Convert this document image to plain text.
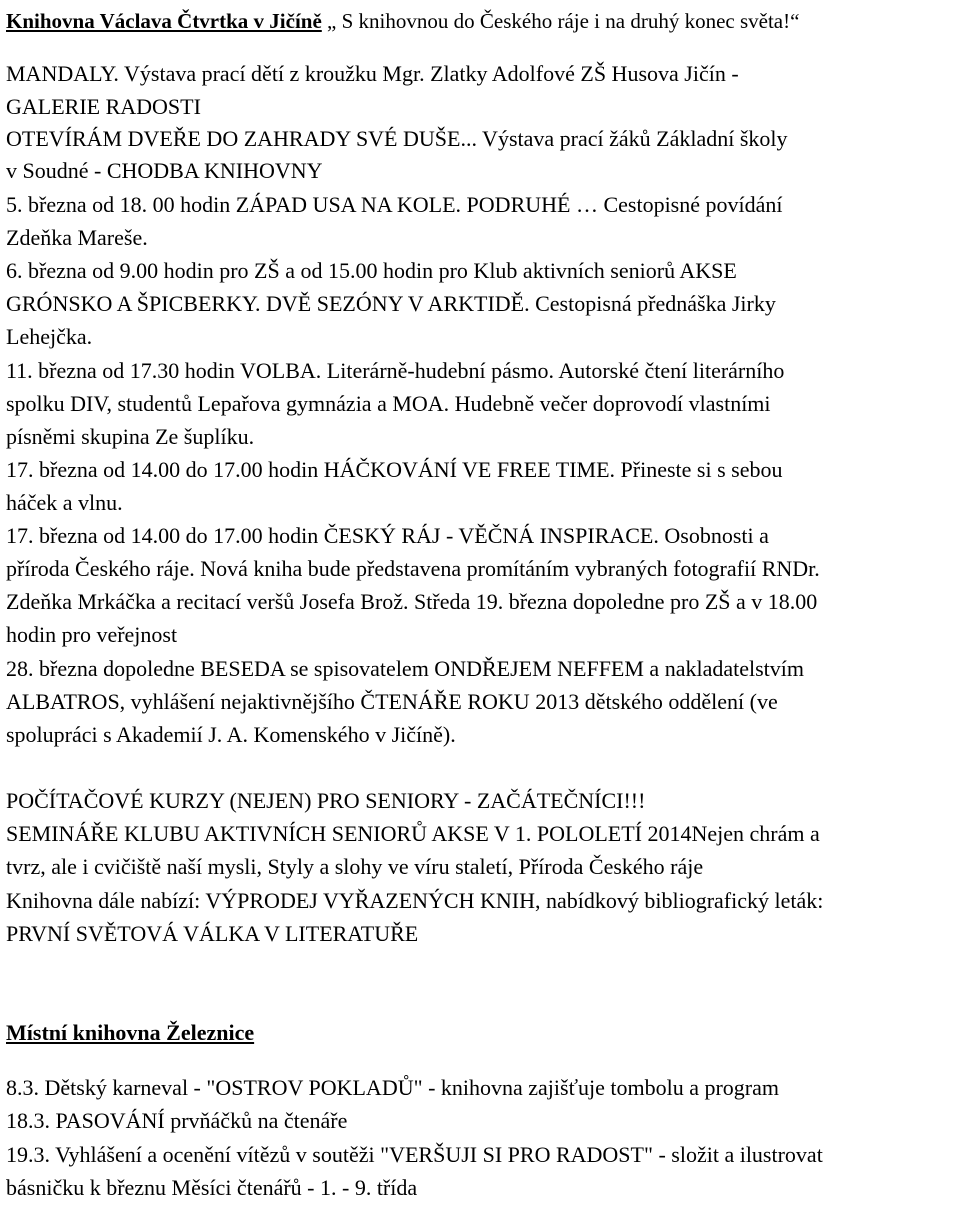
Knihovna Václava Čtvrtka v Jičíně „ S knihovnou do Českého ráje i na druhý konec světa!“
MANDALY. Výstava prací dětí z kroužku Mgr. Zlatky Adolfové ZŠ Husova Jičín -
GALERIE RADOSTI
OTEVÍRÁM DVEŘE DO ZAHRADY SVÉ DUŠE... Výstava prací žáků Základní školy
v Soudné - CHODBA KNIHOVNY
5. března od 18. 00 hodin ZÁPAD USA NA KOLE. PODRUHÉ … Cestopisné povídání
Zdeňka Mareše.
6. března od 9.00 hodin pro ZŠ a od 15.00 hodin pro Klub aktivních seniorů AKSE
GRÓNSKO A ŠPICBERKY. DVĚ SEZÓNY V ARKTIDĚ. Cestopisná přednáška Jirky
Lehejčka.
11. března od 17.30 hodin VOLBA. Literárně-hudební pásmo. Autorské čtení literárního
spolku DIV, studentů Lepařova gymnázia a MOA. Hudebně večer doprovodí vlastními
písněmi skupina Ze šuplíku.
17. března od 14.00 do 17.00 hodin HÁČKOVÁNÍ VE FREE TIME. Přineste si s sebou
háček a vlnu.
17. března od 14.00 do 17.00 hodin ČESKÝ RÁJ - VĚČNÁ INSPIRACE. Osobnosti a
příroda Českého ráje. Nová kniha bude představena promítáním vybraných fotografií RNDr.
Zdeňka Mrkáčka a recitací veršů Josefa Brož. Středa 19. března dopoledne pro ZŠ a v 18.00
hodin pro veřejnost
28. března dopoledne BESEDA se spisovatelem ONDŘEJEM NEFFEM a nakladatelstvím
ALBATROS, vyhlášení nejaktivnějšího ČTENÁŘE ROKU 2013 dětského oddělení (ve
spolupráci s Akademií J. A. Komenského v Jičíně).
POČÍTAČOVÉ KURZY (NEJEN) PRO SENIORY - ZAČÁTEČNÍCI!!!
SEMINÁŘE KLUBU AKTIVNÍCH SENIORŮ AKSE V 1. POLOLETÍ 2014Nejen chrám a
tvrz, ale i cvičiště naší mysli, Styly a slohy ve víru staletí, Příroda Českého ráje
Knihovna dále nabízí: VÝPRODEJ VYŘAZENÝCH KNIH, nabídkový bibliografický leták:
PRVNÍ SVĚTOVÁ VÁLKA V LITERATUŘE
Místní knihovna Železnice
8.3. Dětský karneval - "OSTROV POKLADŮ" - knihovna zajišťuje tombolu a program
18.3. PASOVÁNÍ prvňáčků na čtenáře
19.3. Vyhlášení a ocenění vítězů v soutěži "VERŠUJI SI PRO RADOST" - složit a ilustrovat
básničku k březnu Měsíci čtenářů - 1. - 9. třída
